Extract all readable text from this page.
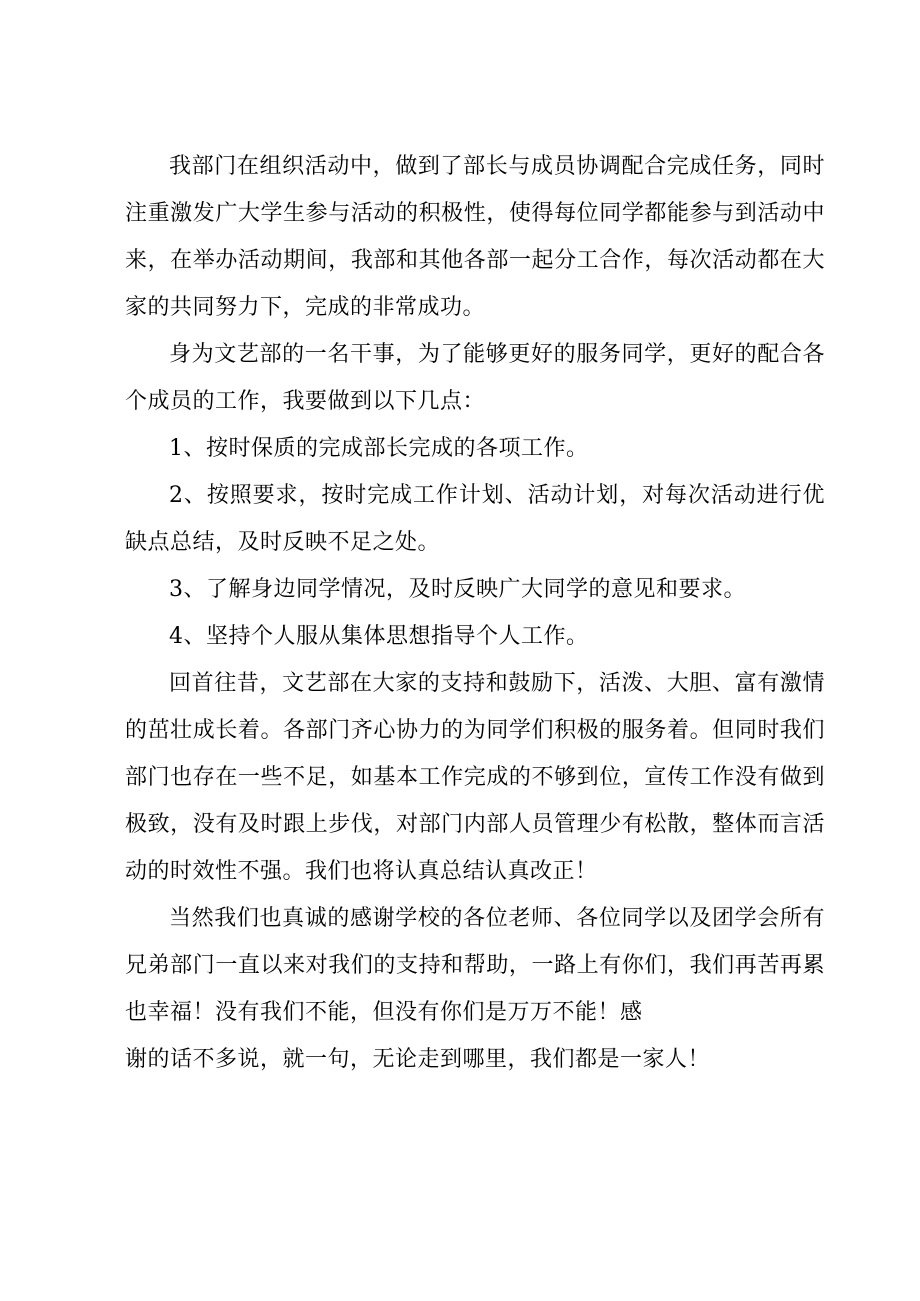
我部门在组织活动中，做到了部长与成员协调配合完成任务，同时注重激发广大学生参与活动的积极性，使得每位同学都能参与到活动中来，在举办活动期间，我部和其他各部一起分工合作，每次活动都在大家的共同努力下，完成的非常成功。

身为文艺部的一名干事，为了能够更好的服务同学，更好的配合各个成员的工作，我要做到以下几点：

1、按时保质的完成部长完成的各项工作。

2、按照要求，按时完成工作计划、活动计划，对每次活动进行优缺点总结，及时反映不足之处。

3、了解身边同学情况，及时反映广大同学的意见和要求。

4、坚持个人服从集体思想指导个人工作。

回首往昔，文艺部在大家的支持和鼓励下，活泼、大胆、富有激情的茁壮成长着。各部门齐心协力的为同学们积极的服务着。但同时我们部门也存在一些不足，如基本工作完成的不够到位，宣传工作没有做到极致，没有及时跟上步伐，对部门内部人员管理少有松散，整体而言活动的时效性不强。我们也将认真总结认真改正！

当然我们也真诚的感谢学校的各位老师、各位同学以及团学会所有兄弟部门一直以来对我们的支持和帮助，一路上有你们，我们再苦再累也幸福！没有我们不能，但没有你们是万万不能！感

谢的话不多说，就一句，无论走到哪里，我们都是一家人！
